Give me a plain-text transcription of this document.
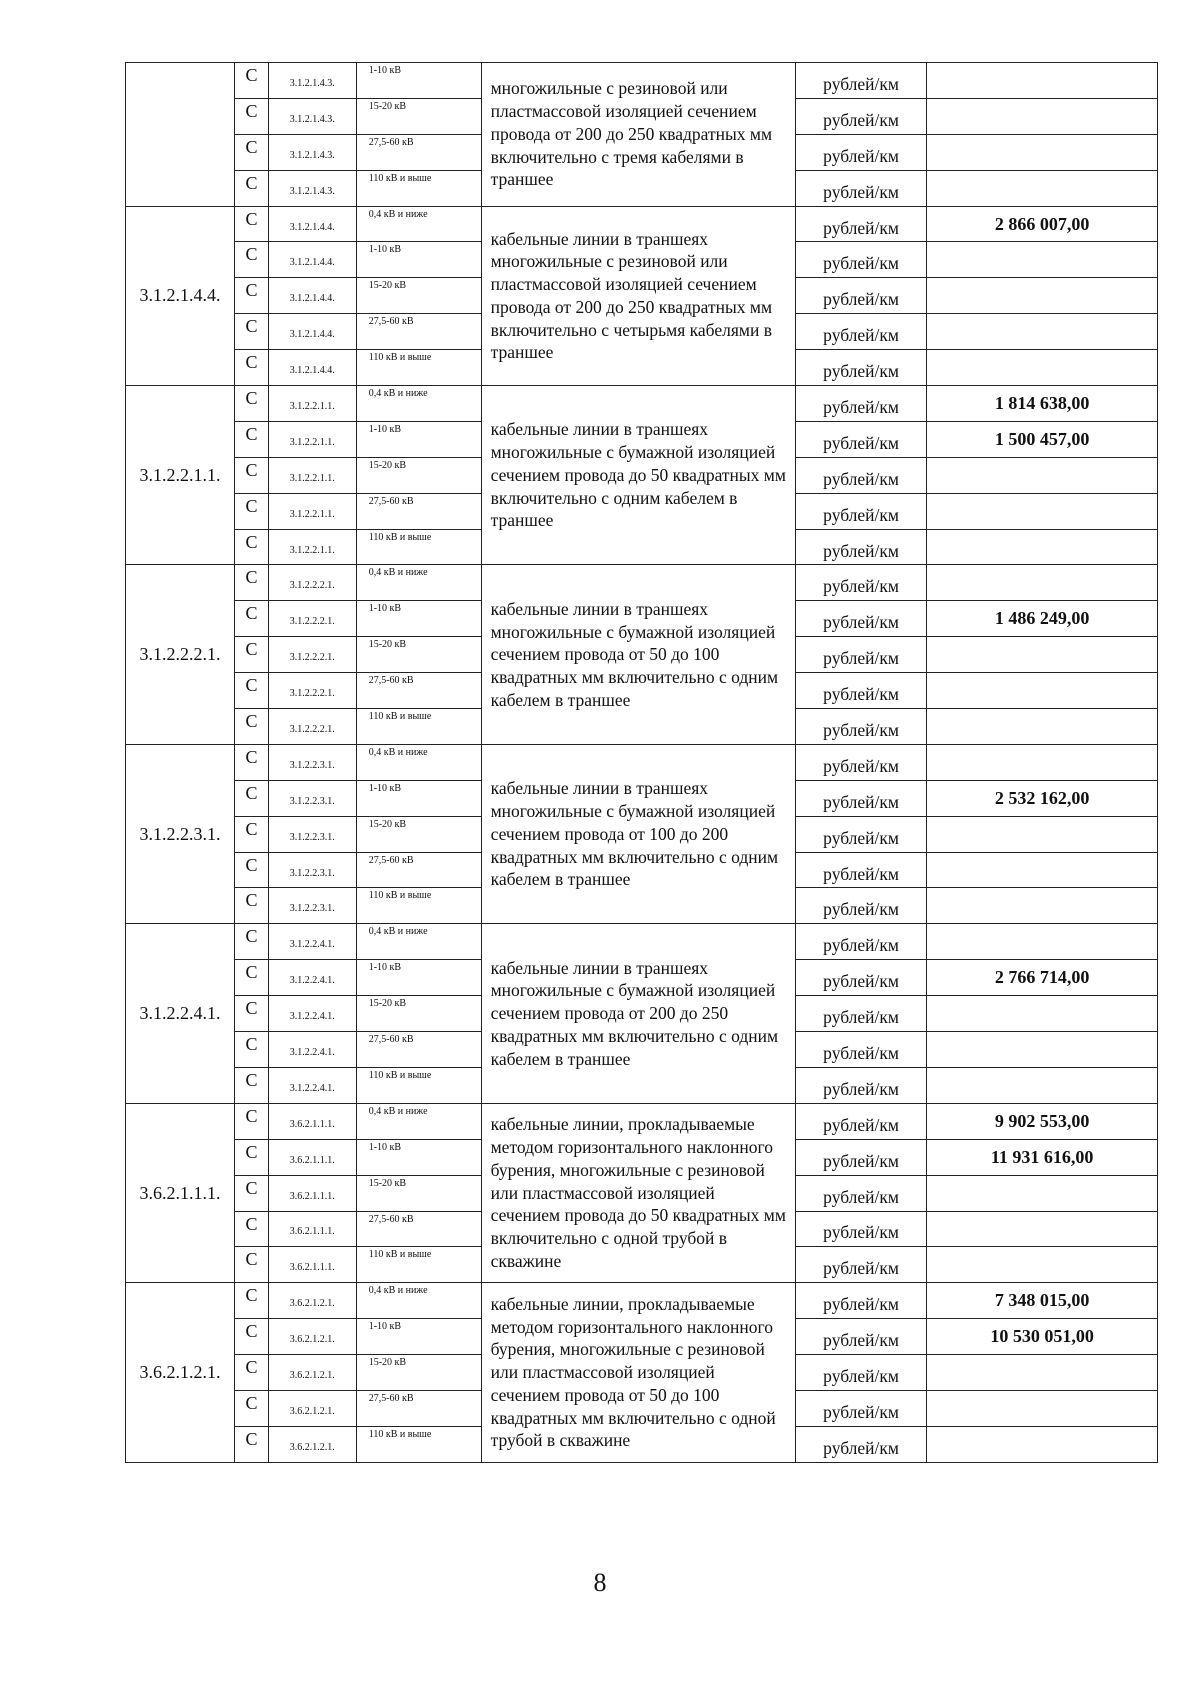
	С	3.1.2.1.4.3.	1-10 кВ	многожильные с резиновой или пластмассовой изоляцией сечением провода от 200 до 250 квадратных мм включительно с тремя кабелями в траншее	рублей/км	
	С	3.1.2.1.4.3.	15-20 кВ		рублей/км	
	С	3.1.2.1.4.3.	27,5-60 кВ		рублей/км	
	С	3.1.2.1.4.3.	110 кВ и выше		рублей/км	
3.1.2.1.4.4.	С	3.1.2.1.4.4.	0,4 кВ и ниже	кабельные линии в траншеях многожильные с резиновой или пластмассовой изоляцией сечением провода от 200 до 250 квадратных мм включительно с четырьмя кабелями в траншее	рублей/км	2 866 007,00
	С	3.1.2.1.4.4.	1-10 кВ		рублей/км	
	С	3.1.2.1.4.4.	15-20 кВ		рублей/км	
	С	3.1.2.1.4.4.	27,5-60 кВ		рублей/км	
	С	3.1.2.1.4.4.	110 кВ и выше		рублей/км	
3.1.2.2.1.1.	С	3.1.2.2.1.1.	0,4 кВ и ниже	кабельные линии в траншеях многожильные с бумажной изоляцией сечением провода до 50 квадратных мм включительно с одним кабелем в траншее	рублей/км	1 814 638,00
	С	3.1.2.2.1.1.	1-10 кВ		рублей/км	1 500 457,00
	С	3.1.2.2.1.1.	15-20 кВ		рублей/км	
	С	3.1.2.2.1.1.	27,5-60 кВ		рублей/км	
	С	3.1.2.2.1.1.	110 кВ и выше		рублей/км	
3.1.2.2.2.1.	С	3.1.2.2.2.1.	0,4 кВ и ниже	кабельные линии в траншеях многожильные с бумажной изоляцией сечением провода от 50 до 100 квадратных мм включительно с одним кабелем в траншее	рублей/км	
	С	3.1.2.2.2.1.	1-10 кВ		рублей/км	1 486 249,00
	С	3.1.2.2.2.1.	15-20 кВ		рублей/км	
	С	3.1.2.2.2.1.	27,5-60 кВ		рублей/км	
	С	3.1.2.2.2.1.	110 кВ и выше		рублей/км	
3.1.2.2.3.1.	С	3.1.2.2.3.1.	0,4 кВ и ниже	кабельные линии в траншеях многожильные с бумажной изоляцией сечением провода от 100 до 200 квадратных мм включительно с одним кабелем в траншее	рублей/км	
	С	3.1.2.2.3.1.	1-10 кВ		рублей/км	2 532 162,00
	С	3.1.2.2.3.1.	15-20 кВ		рублей/км	
	С	3.1.2.2.3.1.	27,5-60 кВ		рублей/км	
	С	3.1.2.2.3.1.	110 кВ и выше		рублей/км	
3.1.2.2.4.1.	С	3.1.2.2.4.1.	0,4 кВ и ниже	кабельные линии в траншеях многожильные с бумажной изоляцией сечением провода от 200 до 250 квадратных мм включительно с одним кабелем в траншее	рублей/км	
	С	3.1.2.2.4.1.	1-10 кВ		рублей/км	2 766 714,00
	С	3.1.2.2.4.1.	15-20 кВ		рублей/км	
	С	3.1.2.2.4.1.	27,5-60 кВ		рублей/км	
	С	3.1.2.2.4.1.	110 кВ и выше		рублей/км	
3.6.2.1.1.1.	С	3.6.2.1.1.1.	0,4 кВ и ниже	кабельные линии, прокладываемые методом горизонтального наклонного бурения, многожильные с резиновой или пластмассовой изоляцией сечением провода до 50 квадратных мм включительно с одной трубой в скважине	рублей/км	9 902 553,00
	С	3.6.2.1.1.1.	1-10 кВ		рублей/км	11 931 616,00
	С	3.6.2.1.1.1.	15-20 кВ		рублей/км	
	С	3.6.2.1.1.1.	27,5-60 кВ		рублей/км	
	С	3.6.2.1.1.1.	110 кВ и выше		рублей/км	
3.6.2.1.2.1.	С	3.6.2.1.2.1.	0,4 кВ и ниже	кабельные линии, прокладываемые методом горизонтального наклонного бурения, многожильные с резиновой или пластмассовой изоляцией сечением провода от 50 до 100 квадратных мм включительно с одной трубой в скважине	рублей/км	7 348 015,00
	С	3.6.2.1.2.1.	1-10 кВ		рублей/км	10 530 051,00
	С	3.6.2.1.2.1.	15-20 кВ		рублей/км	
	С	3.6.2.1.2.1.	27,5-60 кВ		рублей/км	
	С	3.6.2.1.2.1.	110 кВ и выше		рублей/км	
8
